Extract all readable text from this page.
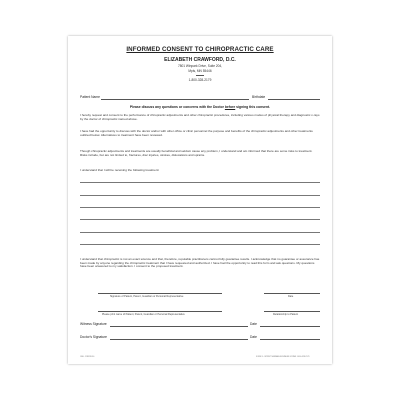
INFORMED CONSENT TO CHIROPRACTIC CARE
ELIZABETH CRAWFORD, D.C.
7801 Winpark Drive, Suite 204,
Mpls, MN 55446
1-800-328-2179
Patient Name	Birthdate
Please discuss any questions or concerns with the Doctor before signing this consent.
I hereby request and consent to the performance of chiropractic adjustments and other chiropractic procedures, including various modes of physical therapy and diagnostic x-rays by the doctor of chiropractic named above.
I have had the opportunity to discuss with the doctor and/or with other office or clinic personnel the purpose and benefits of the chiropractic adjustments and other treatments outlined below. Alternatives to treatment have been reviewed.
Though chiropractic adjustments and treatments are usually beneficial and seldom cause any problem, I understand and am informed that there are some risks to treatment. Risks include, but are not limited to, fractures, disc injuries, strokes, dislocations and sprains.
I understand that I will be receiving the following treatment:
I understand that chiropractic is not an exact science and that, therefore, reputable practitioners cannot fully guarantee results. I acknowledge that no guarantee or assurance has been made by anyone regarding the chiropractic treatment that I have requested and authorized. I have had the opportunity to read this form and ask questions. My questions have been answered to my satisfaction. I consent to the proposed treatment.
Signature of Patient, Parent, Guardian or Personal Representative	Date
Please print name of Patient, Parent, Guardian or Personal Representative	Relationship to Patient
Witness Signature	Date
Doctor's Signature	Date
CBLL CRFRD050	FORM 3 - SPRINT NEWMAN BUSINESS FORMS 1-800-328-2179
